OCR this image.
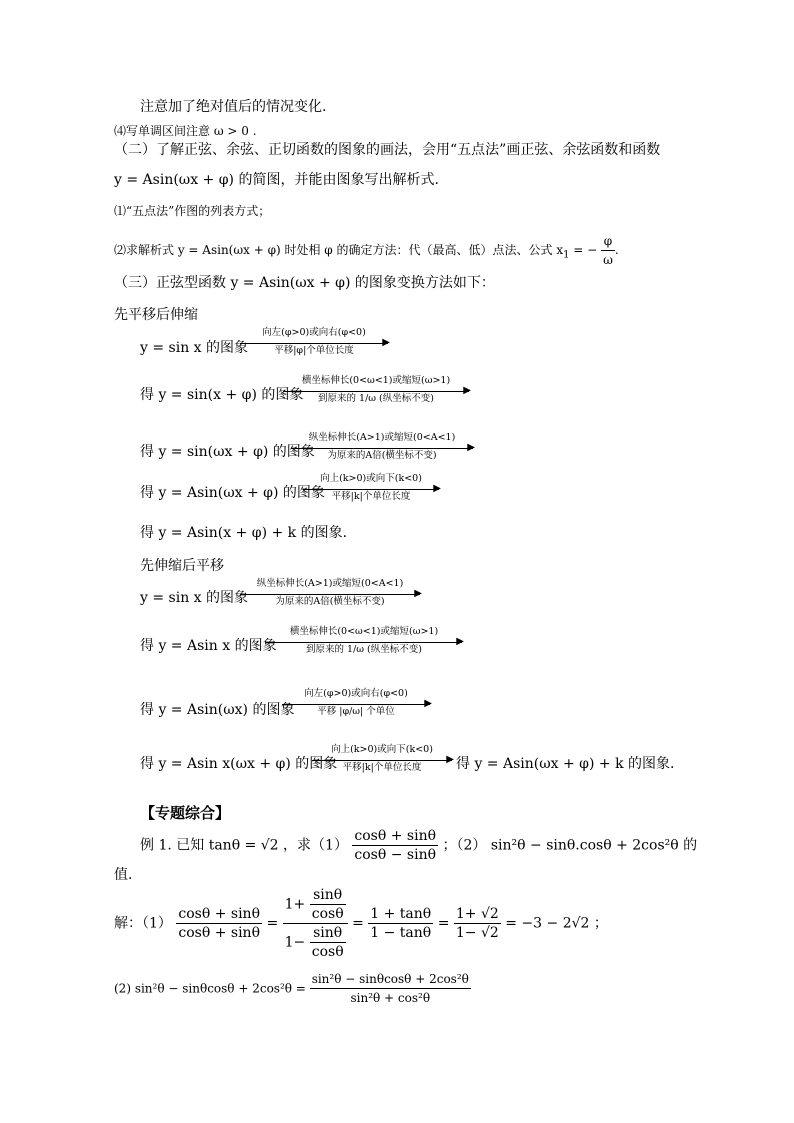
注意加了绝对值后的情况变化.
⑷写单调区间注意 ω > 0 .
（二）了解正弦、余弦、正切函数的图象的画法，会用“五点法”画正弦、余弦函数和函数
y = Asin(ωx + φ) 的简图，并能由图象写出解析式.
⑴“五点法”作图的列表方式；
⑵求解析式 y = Asin(ωx + φ) 时处相 φ 的确定方法：代（最高、低）点法、公式 $x_1$ = − $\frac{\varphi}{\omega}$ .
（三）正弦型函数 y = Asin(ωx + φ) 的图象变换方法如下：
先平移后伸缩
y = sin x 的图象
向左(φ>0)或向右(φ<0)
▶
平移|φ|个单位长度
得 y = sin(x + φ) 的图象
横坐标伸长(0<ω<1)或缩短(ω>1)
▶
到原来的 1/ω (纵坐标不变)
得 y = sin(ωx + φ) 的图象
纵坐标伸长(A>1)或缩短(0<A<1)
▶
为原来的A倍(横坐标不变)
得 y = Asin(ωx + φ) 的图象
向上(k>0)或向下(k<0)
▶
平移|k|个单位长度
得 y = Asin(x + φ) + k 的图象.
先伸缩后平移
y = sin x 的图象
纵坐标伸长(A>1)或缩短(0<A<1)
▶
为原来的A倍(横坐标不变)
得 y = Asin x 的图象
横坐标伸长(0<ω<1)或缩短(ω>1)
▶
到原来的 1/ω (纵坐标不变)
得 y = Asin(ωx) 的图象
向左(φ>0)或向右(φ<0)
▶
平移 |φ/ω| 个单位
得 y = Asin x(ωx + φ) 的图象
向上(k>0)或向下(k<0)
▶
平移|k|个单位长度	得 y = Asin(ωx + φ) + k 的图象.
【专题综合】
例 1. 已知 tanθ = √2 ，求$(1) \frac{\cos\theta + \sin\theta}{\cos\theta - \sin\theta}$ ；（2） sin²θ − sinθ.cosθ + 2cos²θ 的
值.
解：$(1) \frac{\cos\theta + \sin\theta}{\cos\theta + \sin\theta} = \frac{1+ \frac{\sin\theta}{\cos\theta}}{1- \frac{\sin\theta}{\cos\theta}} = \frac{1 + \tan\theta}{1 - \tan\theta} = \frac{1+ √2}{1- √2} = -3 - 2√2$ ；
(2) $\sin^2\theta - \sin\theta\cos\theta + 2\cos^2\theta = \frac{\text{sin²θ − sinθcosθ + 2cos²θ}}{\text{sin²θ + cos²θ}}$
